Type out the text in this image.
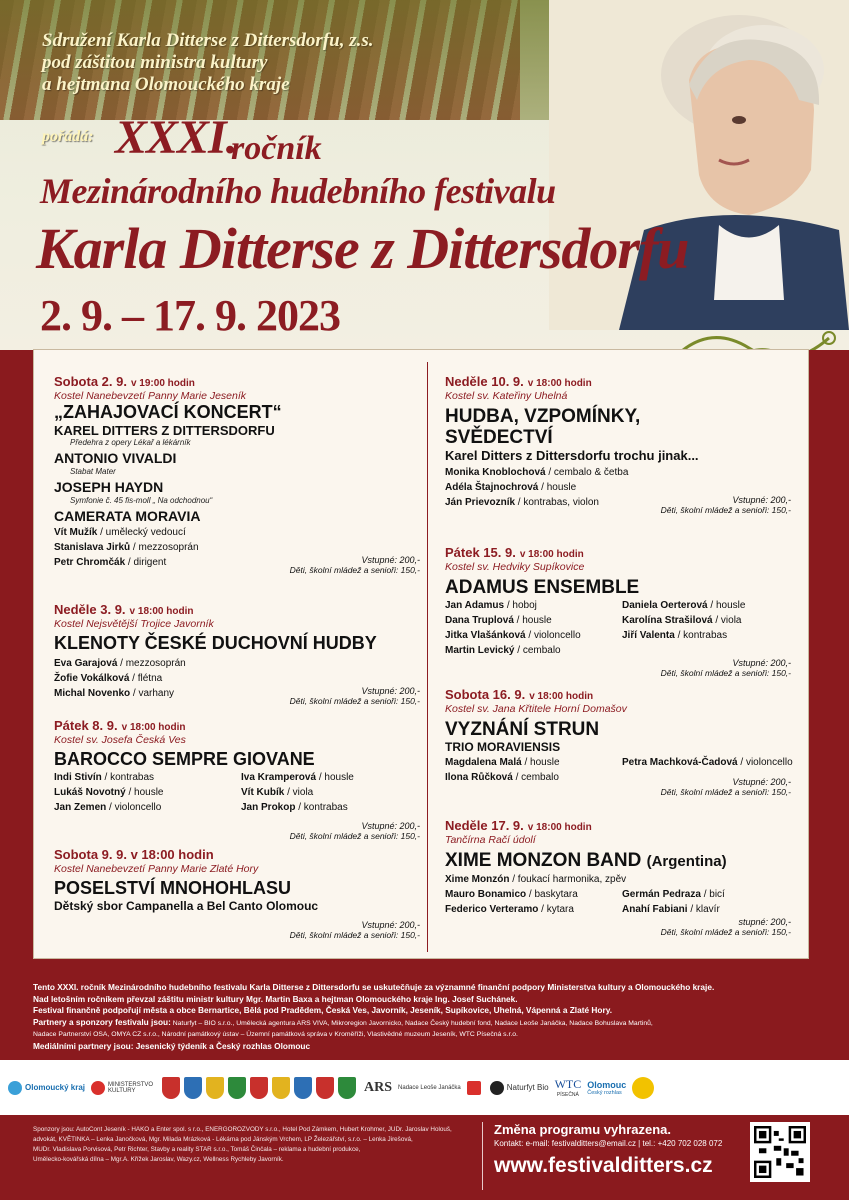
Sdružení Karla Ditterse z Dittersdorfu, z.s.
pod záštitou ministra kultury
a hejtmana Olomouckého kraje
pořádá: XXXI.
ročník
Mezinárodního hudebního festivalu
Karla Ditterse z Dittersdorfu
2. 9. – 17. 9. 2023
Sobota 2. 9. v 19:00 hodin
Kostel Nanebevzetí Panny Marie Jeseník
„ZAHAJOVACÍ KONCERT“
KAREL DITTERS Z DITTERSDORFU
Předehra z opery Lékař a lékárník
ANTONIO VIVALDI
Stabat Mater
JOSEPH HAYDN
Symfonie č. 45 fis-moll „ Na odchodnou“
CAMERATA MORAVIA
Vít Mužík / umělecký vedoucí
Stanislava Jirků / mezzosoprán
Petr Chromčák / dirigent	Vstupné: 200,-
Děti, školní mládež a senioři: 150,-
Neděle 3. 9. v 18:00 hodin
Kostel Nejsvětější Trojice Javorník
KLENOTY ČESKÉ DUCHOVNÍ HUDBY
Eva Garajová / mezzosoprán
Žofie Vokálková / flétna
Michal Novenko / varhany	Vstupné: 200,-
Děti, školní mládež a senioři: 150,-
Pátek 8. 9. v 18:00 hodin
Kostel sv. Josefa Česká Ves
BAROCCO SEMPRE GIOVANE
Indi Stivín / kontrabas	Iva Kramperová / housle
Lukáš Novotný / housle	Vít Kubík / viola
Jan Zemen / violoncello	Jan Prokop / kontrabas
Vstupné: 200,-
Děti, školní mládež a senioři: 150,-
Sobota 9. 9. v 18:00 hodin
Kostel Nanebevzetí Panny Marie Zlaté Hory
POSELSTVÍ MNOHOHLASU
Dětský sbor Campanella a Bel Canto Olomouc
Vstupné: 200,-
Děti, školní mládež a senioři: 150,-
Neděle 10. 9. v 18:00 hodin
Kostel sv. Kateřiny Uhelná
HUDBA, VZPOMÍNKY,
SVĚDECTVÍ
Karel Ditters z Dittersdorfu trochu jinak...
Monika Knoblochová / cembalo & četba
Adéla Štajnochrová / housle
Ján Prievozník / kontrabas, violon	Vstupné: 200,-
Děti, školní mládež a senioři: 150,-
Pátek 15. 9. v 18:00 hodin
Kostel sv. Hedviky Supíkovice
ADAMUS ENSEMBLE
Jan Adamus / hoboj	Daniela Oerterová / housle
Dana Truplová / housle	Karolína Strašilová / viola
Jitka Vlašánková / violoncello	Jiří Valenta / kontrabas
Martin Levický / cembalo
Vstupné: 200,-
Děti, školní mládež a senioři: 150,-
Sobota 16. 9. v 18:00 hodin
Kostel sv. Jana Křtitele Horní Domašov
VYZNÁNÍ STRUN
TRIO MORAVIENSIS
Magdalena Malá / housle	Petra Machková-Čadová / violoncello
Ilona Růčková / cembalo	Vstupné: 200,-
Děti, školní mládež a senioři: 150,-
Neděle 17. 9. v 18:00 hodin
Tančírna Račí údolí
XIME MONZON BAND (Argentina)
Xime Monzón / foukací harmonika, zpěv
Mauro Bonamico / baskytara	Germán Pedraza / bicí
Federico Verteramo / kytara	Anahí Fabiani / klavír
stupné: 200,-
Děti, školní mládež a senioři: 150,-
Tento XXXI. ročník Mezinárodního hudebního festivalu Karla Ditterse z Dittersdorfu se uskutečňuje za významné finanční podpory Ministerstva kultury a Olomouckého kraje.
Nad letošním ročníkem převzal záštitu ministr kultury Mgr. Martin Baxa a hejtman Olomouckého kraje Ing. Josef Suchánek.
Festival finančně podpořují města a obce Bernartice, Bělá pod Pradědem, Česká Ves, Javorník, Jeseník, Supíkovice, Uhelná, Vápenná a Zlaté Hory.
Partnery a sponzory festivalu jsou: Naturfyt – BIO s.r.o., Umělecká agentura ARS VIVA, Mikroregion Javornicko, Nadace Český hudební fond, Nadace Leoše Janáčka, Nadace Bohuslava Martinů,
Nadace Partnerství OSA, OMYA CZ s.r.o., Národní památkový ústav – Územní památková správa v Kroměříži, Vlastivědné muzeum Jeseník, WTC Písečná s.r.o.
Mediálními partnery jsou: Jesenický týdeník a Český rozhlas Olomouc
Olomoucký kraj	MINISTERSTVO KULTURY	ARS Nadace Leoše Janáčka	Naturfyt Bio WTC
PÍSEČNÁ
Olomouc
Český rozhlas
Sponzory jsou: AutoCont Jeseník - HAKO a Enter spol. s r.o., ENERGOROZVODY s.r.o., Hotel Pod Zámkem, Hubert Krohmer, JUDr. Jaroslav Holouš,
advokát, KVĚTINKA – Lenka Janočková, Mgr. Milada Mrázková - Lékárna pod Jánským Vrchem, LP Železářství, s.r.o. – Lenka Jirešová,
MUDr. Vladislava Porvisová, Petr Richter, Stavby a reality STAR s.r.o., Tomáš Činčala – reklama a hudební produkce,
Umělecko-kovářská dílna – Mgr.A. Křížek Jaroslav, Wazy.cz, Wellness Rychleby Javorník.
Změna programu vyhrazena.
Kontakt: e-mail: festivalditters@email.cz | tel.: +420 702 028 072
www.festivalditters.cz
